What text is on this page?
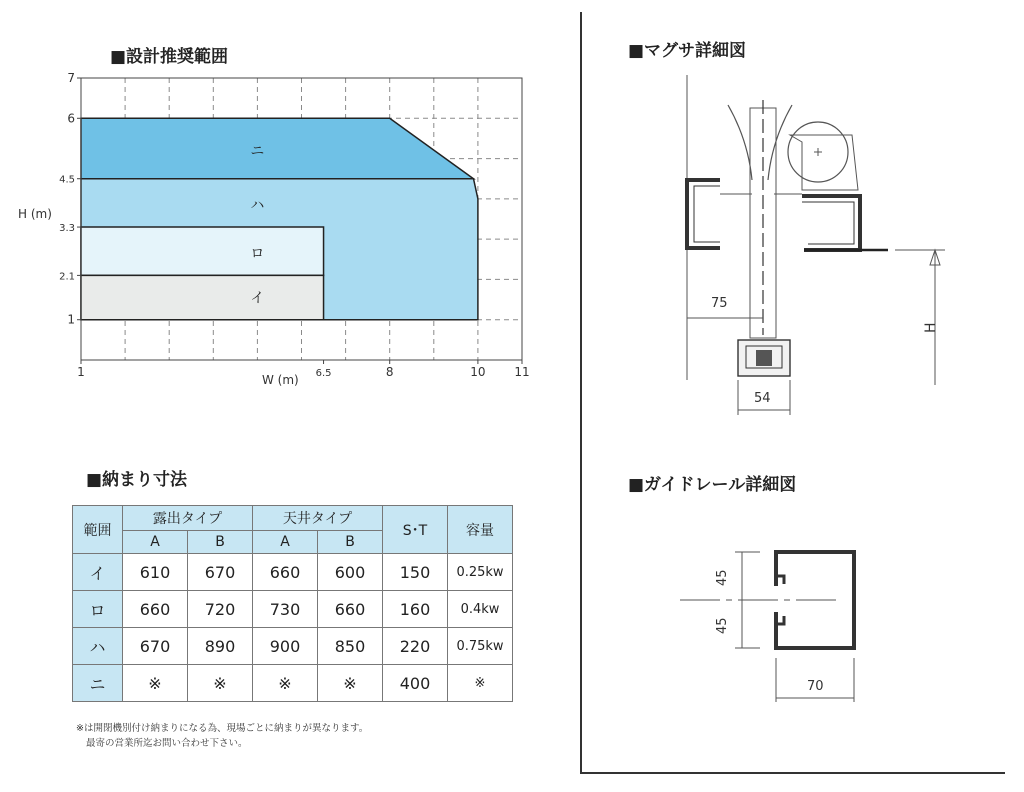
■設計推奨範囲	■マグサ詳細図
■納まり寸法	■ガイドレール詳細図
ニ
ハ
ロ
イ
7
6
4.5
3.3
2.1
1
1	6.5	8	10 11
H (m)
W (m)
H
75
54
45
45
70
範囲	露出タイプ		天井タイプ		S･T	容量
	A	B	A	B		
イ	610	670	660	600	150	0.25kw
ロ	660	720	730	660	160	0.4kw
ハ	670	890	900	850	220	0.75kw
ニ	※	※	※	※	400	※
※は開閉機別付け納まりになる為、現場ごとに納まりが異なります。
最寄の営業所迄お問い合わせ下さい。
